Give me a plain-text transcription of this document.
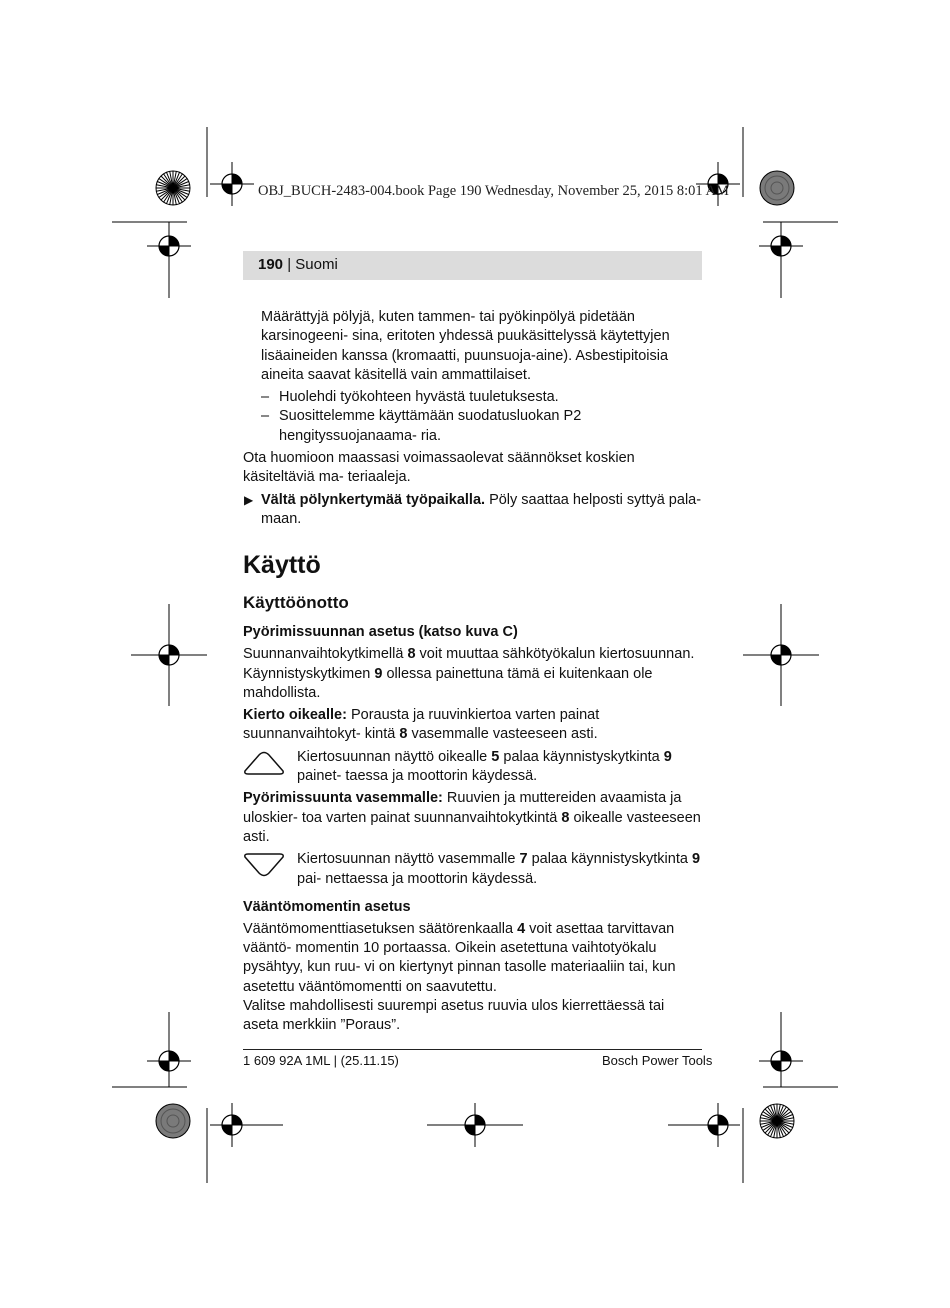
OBJ_BUCH-2483-004.book Page 190 Wednesday, November 25, 2015 8:01 AM
190 | Suomi

Määrättyjä pölyjä, kuten tammen- tai pyökinpölyä pidetään karsinogeeni- sina, eritoten yhdessä puukäsittelyssä käytettyjen lisäaineiden kanssa (kromaatti, puunsuoja-aine). Asbestipitoisia aineita saavat käsitellä vain ammattilaiset.

– Huolehdi työkohteen hyvästä tuuletuksesta.

– Suosittelemme käyttämään suodatusluokan P2 hengityssuojanaama- ria.

Ota huomioon maassasi voimassaolevat säännökset koskien käsiteltäviä ma- teriaaleja.

▶ Vältä pölynkertymää työpaikalla. Pöly saattaa helposti syttyä pala- maan.

Käyttö
Käyttöönotto
Pyörimissuunnan asetus (katso kuva C)

Suunnanvaihtokytkimellä 8 voit muuttaa sähkötyökalun kiertosuunnan.
Käynnistyskytkimen 9 ollessa painettuna tämä ei kuitenkaan ole mahdollista.

Kierto oikealle: Porausta ja ruuvinkiertoa varten painat suunnanvaihtokyt- kintä 8 vasemmalle vasteeseen asti.

Kiertosuunnan näyttö oikealle 5 palaa käynnistyskytkinta 9 painet- taessa ja moottorin käydessä.

Pyörimissuunta vasemmalle: Ruuvien ja muttereiden avaamista ja uloskier- toa varten painat suunnanvaihtokytkintä 8 oikealle vasteeseen asti.

Kiertosuunnan näyttö vasemmalle 7 palaa käynnistyskytkinta 9 pai- nettaessa ja moottorin käydessä.

Vääntömomentin asetus

Vääntömomenttiasetuksen säätörenkaalla 4 voit asettaa tarvittavan vääntö- momentin 10 portaassa. Oikein asetettuna vaihtotyökalu pysähtyy, kun ruu- vi on kiertynyt pinnan tasolle materiaaliin tai, kun asetettu vääntömomentti on saavutettu.

Valitse mahdollisesti suurempi asetus ruuvia ulos kierrettäessä tai aseta merkkiin ”Poraus”.

1 609 92A 1ML | (25.11.15)	Bosch Power Tools
